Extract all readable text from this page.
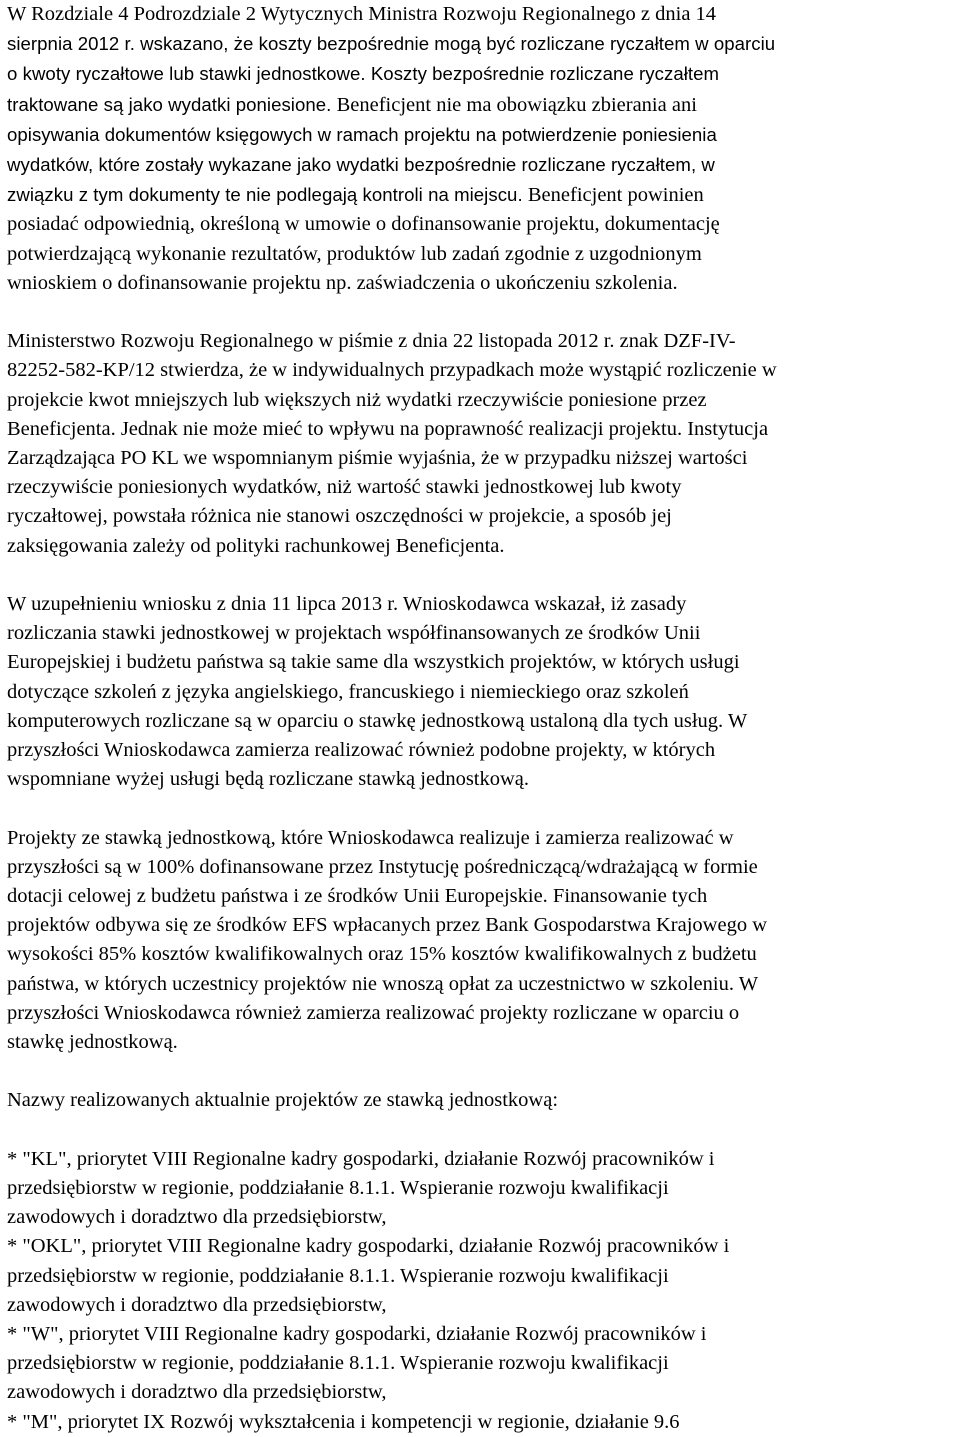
W Rozdziale 4 Podrozdziale 2 Wytycznych Ministra Rozwoju Regionalnego z dnia 14
sierpnia 2012 r. wskazano, że koszty bezpośrednie mogą być rozliczane ryczałtem w oparciu
o kwoty ryczałtowe lub stawki jednostkowe. Koszty bezpośrednie rozliczane ryczałtem
traktowane są jako wydatki poniesione. Beneficjent nie ma obowiązku zbierania ani
opisywania dokumentów księgowych w ramach projektu na potwierdzenie poniesienia
wydatków, które zostały wykazane jako wydatki bezpośrednie rozliczane ryczałtem, w
związku z tym dokumenty te nie podlegają kontroli na miejscu. Beneficjent powinien
posiadać odpowiednią, określoną w umowie o dofinansowanie projektu, dokumentację
potwierdzającą wykonanie rezultatów, produktów lub zadań zgodnie z uzgodnionym
wnioskiem o dofinansowanie projektu np. zaświadczenia o ukończeniu szkolenia.

Ministerstwo Rozwoju Regionalnego w piśmie z dnia 22 listopada 2012 r. znak DZF-IV-
82252-582-KP/12 stwierdza, że w indywidualnych przypadkach może wystąpić rozliczenie w
projekcie kwot mniejszych lub większych niż wydatki rzeczywiście poniesione przez
Beneficjenta. Jednak nie może mieć to wpływu na poprawność realizacji projektu. Instytucja
Zarządzająca PO KL we wspomnianym piśmie wyjaśnia, że w przypadku niższej wartości
rzeczywiście poniesionych wydatków, niż wartość stawki jednostkowej lub kwoty
ryczałtowej, powstała różnica nie stanowi oszczędności w projekcie, a sposób jej
zaksięgowania zależy od polityki rachunkowej Beneficjenta.

W uzupełnieniu wniosku z dnia 11 lipca 2013 r. Wnioskodawca wskazał, iż zasady
rozliczania stawki jednostkowej w projektach współfinansowanych ze środków Unii
Europejskiej i budżetu państwa są takie same dla wszystkich projektów, w których usługi
dotyczące szkoleń z języka angielskiego, francuskiego i niemieckiego oraz szkoleń
komputerowych rozliczane są w oparciu o stawkę jednostkową ustaloną dla tych usług. W
przyszłości Wnioskodawca zamierza realizować również podobne projekty, w których
wspomniane wyżej usługi będą rozliczane stawką jednostkową.

Projekty ze stawką jednostkową, które Wnioskodawca realizuje i zamierza realizować w
przyszłości są w 100% dofinansowane przez Instytucję pośredniczącą/wdrażającą w formie
dotacji celowej z budżetu państwa i ze środków Unii Europejskie. Finansowanie tych
projektów odbywa się ze środków EFS wpłacanych przez Bank Gospodarstwa Krajowego w
wysokości 85% kosztów kwalifikowalnych oraz 15% kosztów kwalifikowalnych z budżetu
państwa, w których uczestnicy projektów nie wnoszą opłat za uczestnictwo w szkoleniu. W
przyszłości Wnioskodawca również zamierza realizować projekty rozliczane w oparciu o
stawkę jednostkową.

Nazwy realizowanych aktualnie projektów ze stawką jednostkową:

* "KL", priorytet VIII Regionalne kadry gospodarki, działanie Rozwój pracowników i
przedsiębiorstw w regionie, poddziałanie 8.1.1. Wspieranie rozwoju kwalifikacji
zawodowych i doradztwo dla przedsiębiorstw,
* "OKL", priorytet VIII Regionalne kadry gospodarki, działanie Rozwój pracowników i
przedsiębiorstw w regionie, poddziałanie 8.1.1. Wspieranie rozwoju kwalifikacji
zawodowych i doradztwo dla przedsiębiorstw,
* "W", priorytet VIII Regionalne kadry gospodarki, działanie Rozwój pracowników i
przedsiębiorstw w regionie, poddziałanie 8.1.1. Wspieranie rozwoju kwalifikacji
zawodowych i doradztwo dla przedsiębiorstw,
* "M", priorytet IX Rozwój wykształcenia i kompetencji w regionie, działanie 9.6
